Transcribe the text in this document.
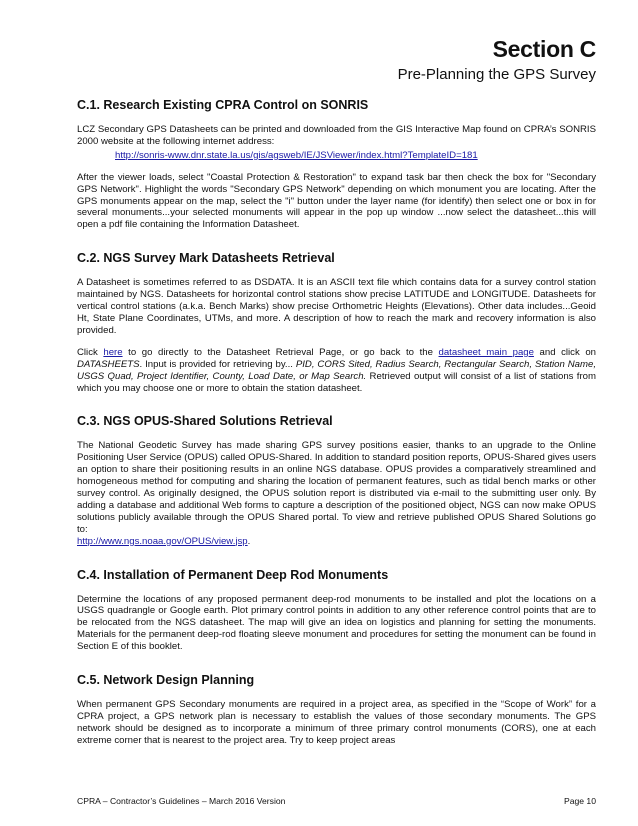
Section C
Pre-Planning the GPS Survey
C.1. Research Existing CPRA Control on SONRIS

LCZ Secondary GPS Datasheets can be printed and downloaded from the GIS Interactive Map found on CPRA’s SONRIS 2000 website at the following internet address:

http://sonris-www.dnr.state.la.us/gis/agsweb/IE/JSViewer/index.html?TemplateID=181

After the viewer loads, select "Coastal Protection & Restoration" to expand task bar then check the box for "Secondary GPS Network". Highlight the words "Secondary GPS Network" depending on which monument you are locating. After the GPS monuments appear on the map, select the "i" button under the layer name (for identify) then select one or box in for several monuments...your selected monuments will appear in the pop up window ...now select the datasheet...this will open a pdf file containing the Information Datasheet.

C.2. NGS Survey Mark Datasheets Retrieval

A Datasheet is sometimes referred to as DSDATA. It is an ASCII text file which contains data for a survey control station maintained by NGS. Datasheets for horizontal control stations show precise LATITUDE and LONGITUDE. Datasheets for vertical control stations (a.k.a. Bench Marks) show precise Orthometric Heights (Elevations). Other data includes...Geoid Ht, State Plane Coordinates, UTMs, and more. A description of how to reach the mark and recovery information is also provided.

Click here to go directly to the Datasheet Retrieval Page, or go back to the datasheet main page and click on DATASHEETS. Input is provided for retrieving by... PID, CORS Sited, Radius Search, Rectangular Search, Station Name, USGS Quad, Project Identifier, County, Load Date, or Map Search. Retrieved output will consist of a list of stations from which you may choose one or more to obtain the station datasheet.

C.3. NGS OPUS-Shared Solutions Retrieval

The National Geodetic Survey has made sharing GPS survey positions easier, thanks to an upgrade to the Online Positioning User Service (OPUS) called OPUS-Shared. In addition to standard position reports, OPUS-Shared gives users an option to share their positioning results in an online NGS database. OPUS provides a comparatively streamlined and homogeneous method for computing and sharing the location of permanent features, such as tidal bench marks or other survey control. As originally designed, the OPUS solution report is distributed via e-mail to the submitting user only. By adding a database and additional Web forms to capture a description of the positioned object, NGS can now make OPUS solutions publicly available through the OPUS Shared portal. To view and retrieve published OPUS Shared Solutions go to:

http://www.ngs.noaa.gov/OPUS/view.jsp.
C.4. Installation of Permanent Deep Rod Monuments

Determine the locations of any proposed permanent deep-rod monuments to be installed and plot the locations on a USGS quadrangle or Google earth. Plot primary control points in addition to any other reference control points that are to be relocated from the NGS datasheet. The map will give an idea on logistics and planning for setting the monuments. Materials for the permanent deep-rod floating sleeve monument and procedures for setting the monument can be found in Section E of this booklet.

C.5. Network Design Planning

When permanent GPS Secondary monuments are required in a project area, as specified in the “Scope of Work” for a CPRA project, a GPS network plan is necessary to establish the values of those secondary monuments. The GPS network should be designed as to incorporate a minimum of three primary control monuments (CORS), one at each extreme corner that is nearest to the project area. Try to keep project areas

CPRA – Contractor’s Guidelines – March 2016 Version	Page 10
